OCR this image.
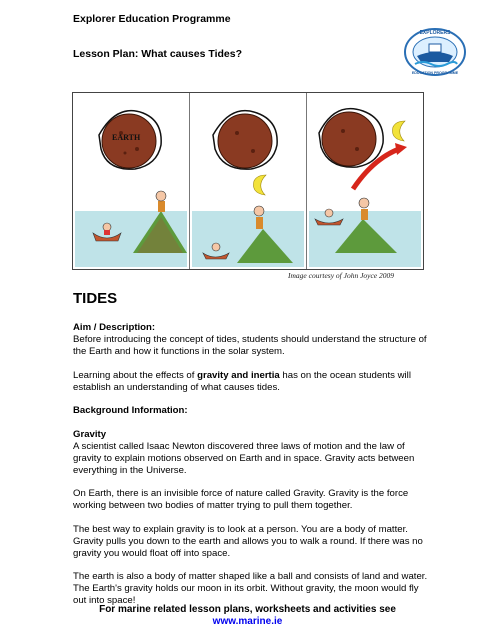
Explorer Education Programme
Lesson Plan: What causes Tides?
EXPLORERS
EDUCATION PROGRAMME
EARTH
Image courtesy of John Joyce 2009
TIDES
Aim / Description:
Before introducing the concept of tides, students should understand the structure of the Earth and how it functions in the solar system.
Learning about the effects of gravity and inertia has on the ocean students will establish an understanding of what causes tides.
Background Information:
Gravity
A scientist called Isaac Newton discovered three laws of motion and the law of gravity to explain motions observed on Earth and in space. Gravity acts between everything in the Universe.
On Earth, there is an invisible force of nature called Gravity. Gravity is the force working between two bodies of matter trying to pull them together.
The best way to explain gravity is to look at a person. You are a body of matter. Gravity pulls you down to the earth and allows you to walk a round. If there was no gravity you would float off into space.
The earth is also a body of matter shaped like a ball and consists of land and water. The Earth's gravity holds our moon in its orbit. Without gravity, the moon would fly out into space!
For marine related lesson plans, worksheets and activities see
www.marine.ie
